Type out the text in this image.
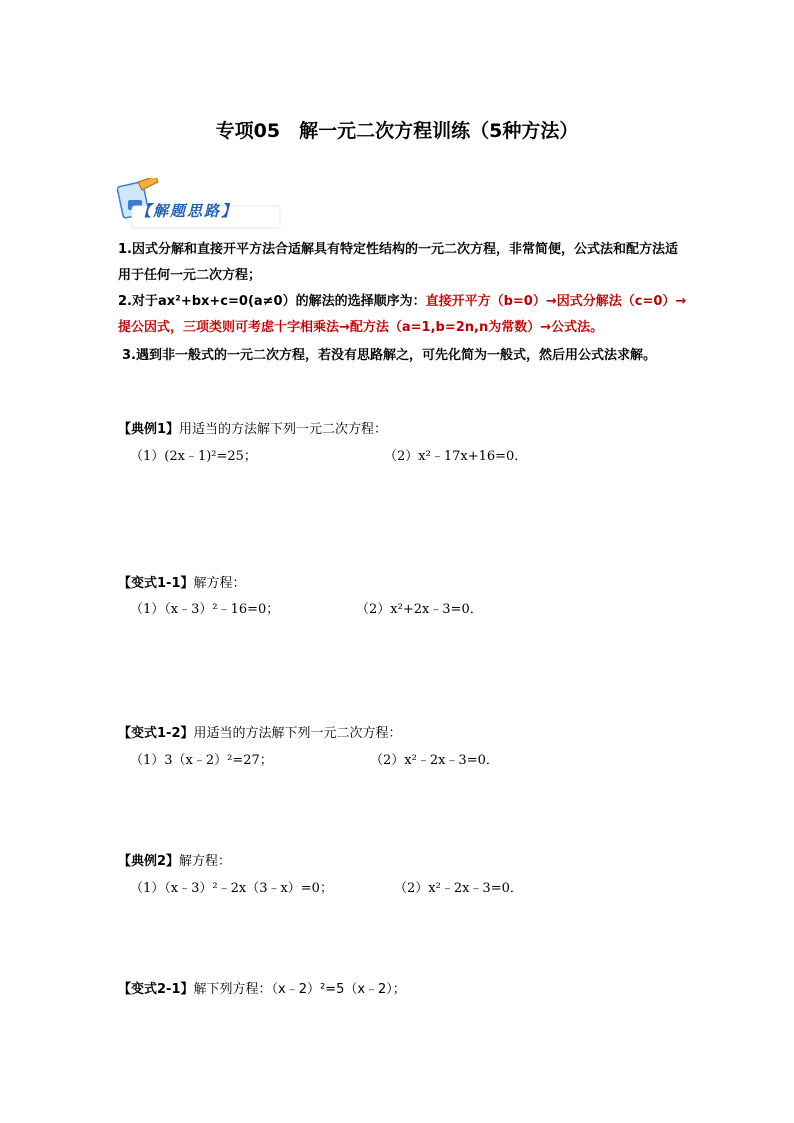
专项05　解一元二次方程训练（5种方法）
【解题思路】
1.因式分解和直接开平方法合适解具有特定性结构的一元二次方程，非常简便，公式法和配方法适用于任何一元二次方程；
2.对于ax²+bx+c=0(a≠0）的解法的选择顺序为：直接开平方（b=0）→因式分解法（c=0）→提公因式，三项类则可考虑十字相乘法→配方法（a=1,b=2n,n为常数）→公式法。
3.遇到非一般式的一元二次方程，若没有思路解之，可先化简为一般式，然后用公式法求解。
【典例1】用适当的方法解下列一元二次方程：
（1）(2x﹣1)²=25；	（2）x²﹣17x+16=0．
【变式1-1】解方程：
（1）（x﹣3）²﹣16=0；	（2）x²+2x﹣3=0．
【变式1-2】用适当的方法解下列一元二次方程：
（1）3（x﹣2）²=27；	（2）x²﹣2x﹣3=0．
【典例2】解方程：
（1）（x﹣3）²﹣2x（3﹣x）=0；	（2）x²﹣2x﹣3=0．
【变式2-1】解下列方程：（x﹣2）²=5（x﹣2）；
